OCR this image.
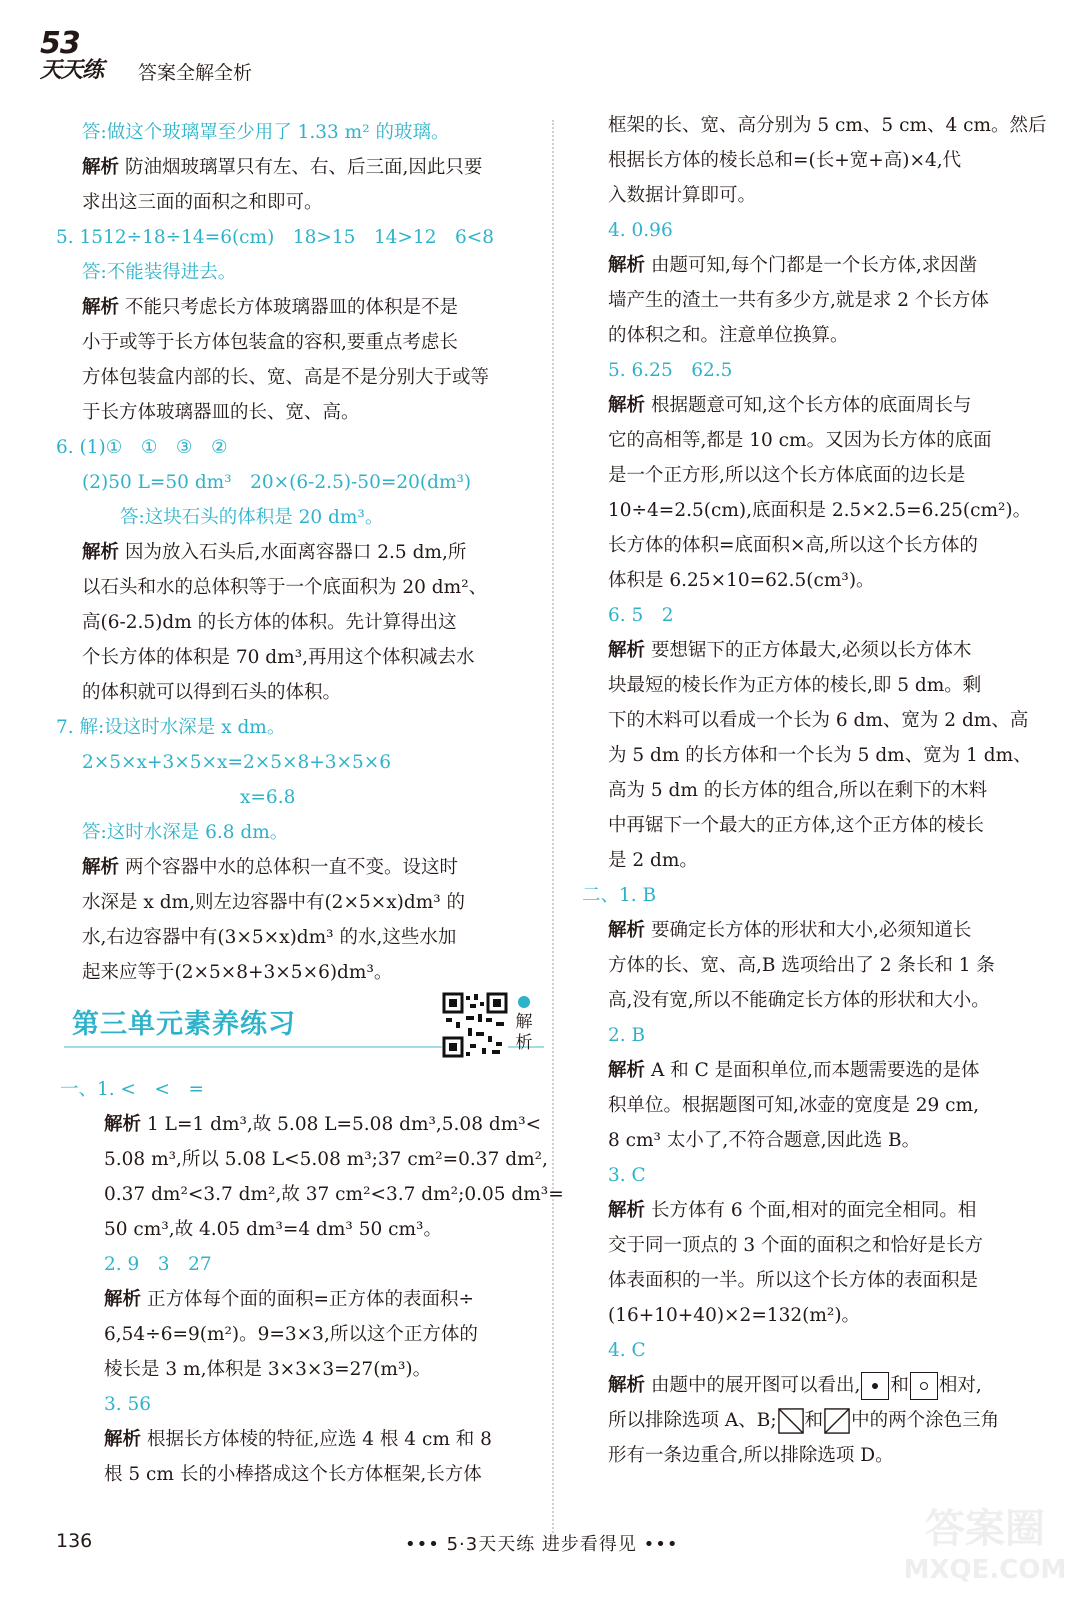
53
天天练 答案全解全析
答:做这个玻璃罩至少用了 1.33 m² 的玻璃。
解析 防油烟玻璃罩只有左、右、后三面,因此只要
求出这三面的面积之和即可。
5. 1512÷18÷14=6(cm)　18>15　14>12　6<8
答:不能装得进去。
解析 不能只考虑长方体玻璃器皿的体积是不是
小于或等于长方体包装盒的容积,要重点考虑长
方体包装盒内部的长、宽、高是不是分别大于或等
于长方体玻璃器皿的长、宽、高。
6. (1)①　①　③　②
(2)50 L=50 dm³　20×(6-2.5)-50=20(dm³)
答:这块石头的体积是 20 dm³。
解析 因为放入石头后,水面离容器口 2.5 dm,所
以石头和水的总体积等于一个底面积为 20 dm²、
高(6-2.5)dm 的长方体的体积。先计算得出这
个长方体的体积是 70 dm³,再用这个体积减去水
的体积就可以得到石头的体积。
7. 解:设这时水深是 x dm。
2×5×x+3×5×x=2×5×8+3×5×6
x=6.8
答:这时水深是 6.8 dm。
解析 两个容器中水的总体积一直不变。设这时
水深是 x dm,则左边容器中有(2×5×x)dm³ 的
水,右边容器中有(3×5×x)dm³ 的水,这些水加
起来应等于(2×5×8+3×5×6)dm³。
第三单元素养练习	解析
一、1. <　<　=
解析 1 L=1 dm³,故 5.08 L=5.08 dm³,5.08 dm³<
5.08 m³,所以 5.08 L<5.08 m³;37 cm²=0.37 dm²,
0.37 dm²<3.7 dm²,故 37 cm²<3.7 dm²;0.05 dm³=
50 cm³,故 4.05 dm³=4 dm³ 50 cm³。
2. 9　3　27
解析 正方体每个面的面积=正方体的表面积÷
6,54÷6=9(m²)。9=3×3,所以这个正方体的
棱长是 3 m,体积是 3×3×3=27(m³)。
3. 56
解析 根据长方体棱的特征,应选 4 根 4 cm 和 8
根 5 cm 长的小棒搭成这个长方体框架,长方体
框架的长、宽、高分别为 5 cm、5 cm、4 cm。然后
根据长方体的棱长总和=(长+宽+高)×4,代
入数据计算即可。
4. 0.96
解析 由题可知,每个门都是一个长方体,求因凿
墙产生的渣土一共有多少方,就是求 2 个长方体
的体积之和。注意单位换算。
5. 6.25　62.5
解析 根据题意可知,这个长方体的底面周长与
它的高相等,都是 10 cm。又因为长方体的底面
是一个正方形,所以这个长方体底面的边长是
10÷4=2.5(cm),底面积是 2.5×2.5=6.25(cm²)。
长方体的体积=底面积×高,所以这个长方体的
体积是 6.25×10=62.5(cm³)。
6. 5　2
解析 要想锯下的正方体最大,必须以长方体木
块最短的棱长作为正方体的棱长,即 5 dm。剩
下的木料可以看成一个长为 6 dm、宽为 2 dm、高
为 5 dm 的长方体和一个长为 5 dm、宽为 1 dm、
高为 5 dm 的长方体的组合,所以在剩下的木料
中再锯下一个最大的正方体,这个正方体的棱长
是 2 dm。
二、1. B
解析 要确定长方体的形状和大小,必须知道长
方体的长、宽、高,B 选项给出了 2 条长和 1 条
高,没有宽,所以不能确定长方体的形状和大小。
2. B
解析 A 和 C 是面积单位,而本题需要选的是体
积单位。根据题图可知,冰壶的宽度是 29 cm,
8 cm³ 太小了,不符合题意,因此选 B。
3. C
解析 长方体有 6 个面,相对的面完全相同。相
交于同一顶点的 3 个面的面积之和恰好是长方
体表面积的一半。所以这个长方体的表面积是
(16+10+40)×2=132(m²)。
4. C
解析 由题中的展开图可以看出, 和 相对,
所以排除选项 A、B; 和 中的两个涂色三角
形有一条边重合,所以排除选项 D。
136	••• 5·3天天练 进步看得见 •••	答案圈
MXQE.COM
